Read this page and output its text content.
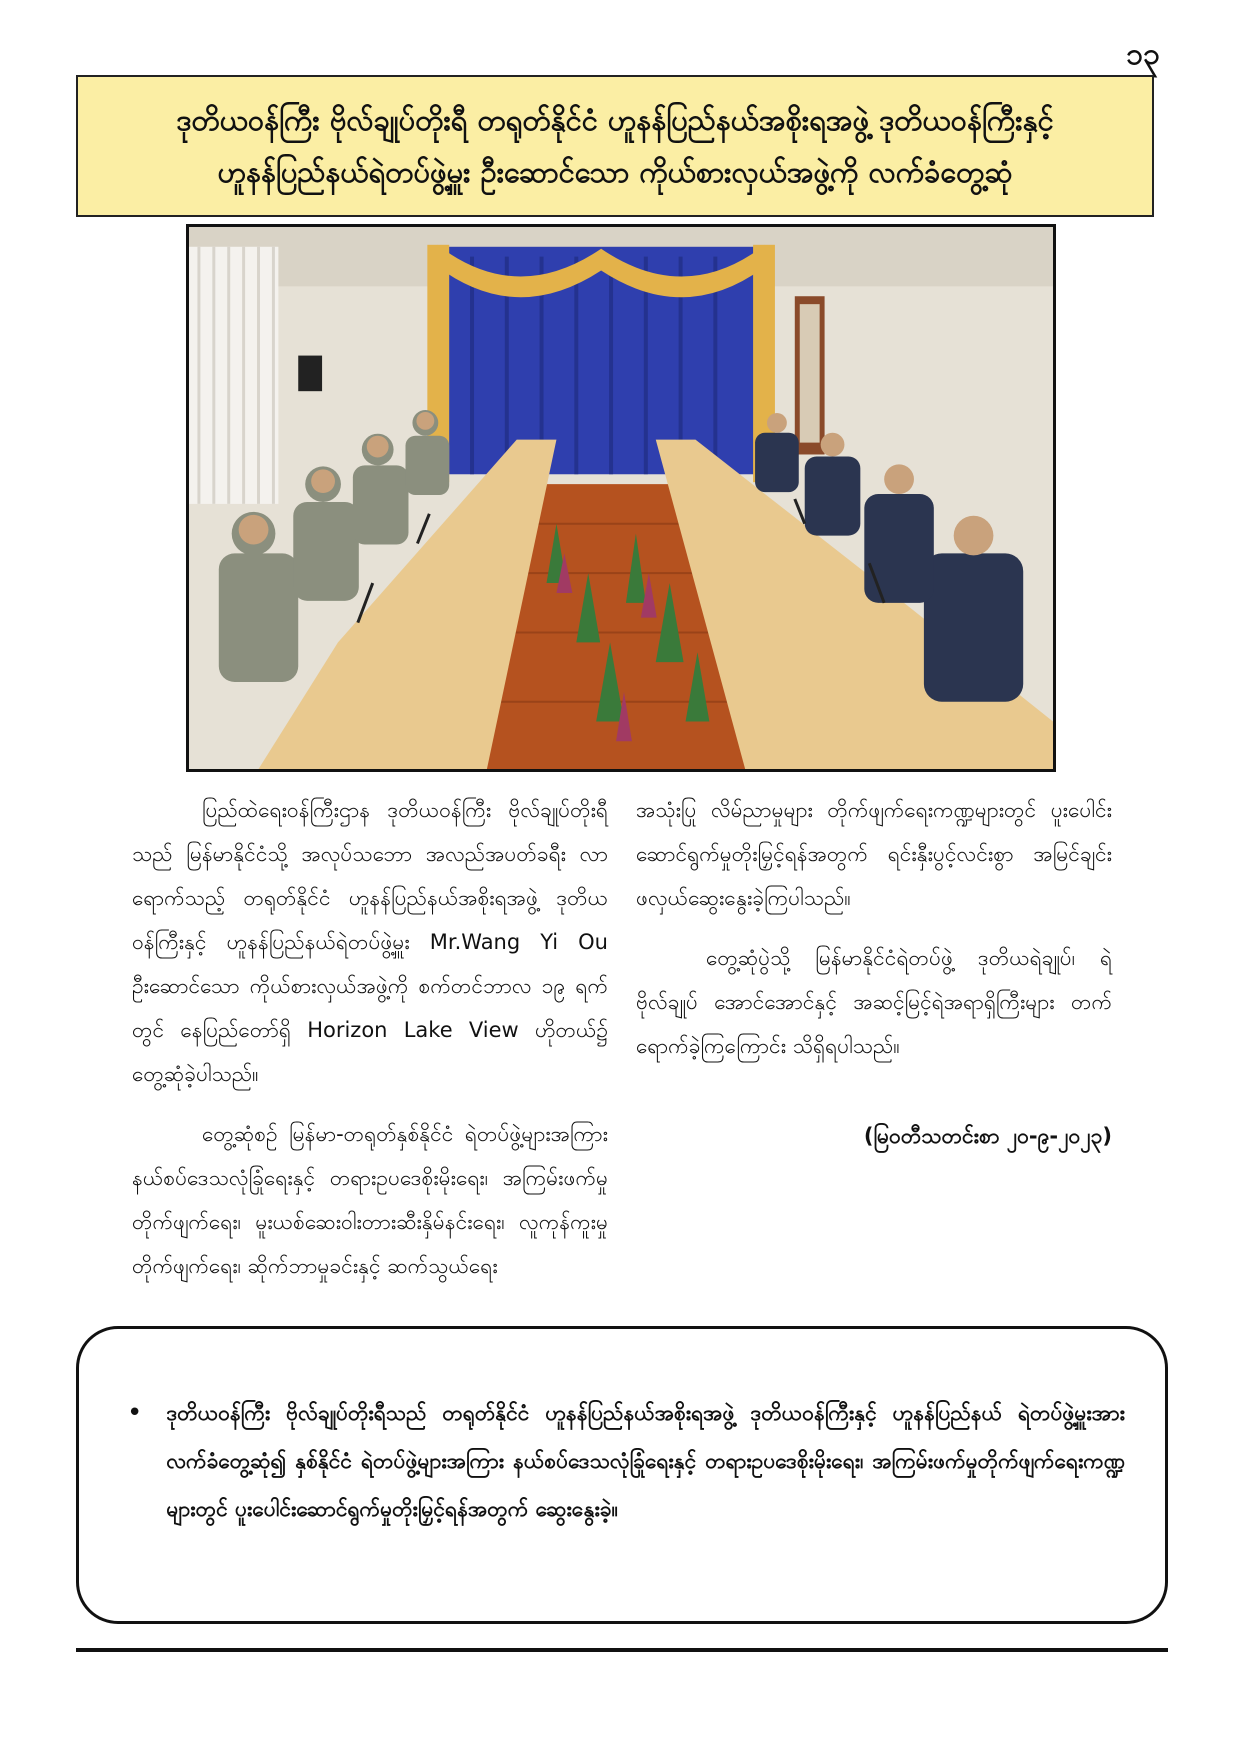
၁၃
ဒုတိယဝန်ကြီး ဗိုလ်ချုပ်တိုးရီ တရုတ်နိုင်ငံ ဟူနန်ပြည်နယ်အစိုးရအဖွဲ့ ဒုတိယဝန်ကြီးနှင့်
ဟူနန်ပြည်နယ်ရဲတပ်ဖွဲ့မှူး ဦးဆောင်သော ကိုယ်စားလှယ်အဖွဲ့ကို လက်ခံတွေ့ဆုံ

ပြည်ထဲရေးဝန်ကြီးဌာန ဒုတိယဝန်ကြီး ဗိုလ်ချုပ်တိုးရီသည် မြန်မာနိုင်ငံသို့ အလုပ်သဘော အလည်အပတ်ခရီး လာရောက်သည့် တရုတ်နိုင်ငံ ဟူနန်ပြည်နယ်အစိုးရအဖွဲ့ ဒုတိယဝန်ကြီးနှင့် ဟူနန်ပြည်နယ်ရဲတပ်ဖွဲ့မှူး Mr.Wang Yi Ou ဦးဆောင်သော ကိုယ်စားလှယ်အဖွဲ့ကို စက်တင်ဘာလ ၁၉ ရက်တွင် နေပြည်တော်ရှိ Horizon Lake View ဟိုတယ်၌ တွေ့ဆုံခဲ့ပါသည်။

တွေ့ဆုံစဉ် မြန်မာ-တရုတ်နှစ်နိုင်ငံ ရဲတပ်ဖွဲ့များအကြား နယ်စပ်ဒေသလုံခြုံရေးနှင့် တရားဥပဒေစိုးမိုးရေး၊ အကြမ်းဖက်မှုတိုက်ဖျက်ရေး၊ မူးယစ်ဆေးဝါးတားဆီးနှိမ်နင်းရေး၊ လူကုန်ကူးမှုတိုက်ဖျက်ရေး၊ ဆိုက်ဘာမှုခင်းနှင့် ဆက်သွယ်ရေး

အသုံးပြု လိမ်ညာမှုများ တိုက်ဖျက်ရေးကဏ္ဍများတွင် ပူးပေါင်းဆောင်ရွက်မှုတိုးမြှင့်ရန်အတွက် ရင်းနှီးပွင့်လင်းစွာ အမြင်ချင်းဖလှယ်ဆွေးနွေးခဲ့ကြပါသည်။

တွေ့ဆုံပွဲသို့ မြန်မာနိုင်ငံရဲတပ်ဖွဲ့ ဒုတိယရဲချုပ်၊ ရဲဗိုလ်ချုပ် အောင်အောင်နှင့် အဆင့်မြင့်ရဲအရာရှိကြီးများ တက်ရောက်ခဲ့ကြကြောင်း သိရှိရပါသည်။

(မြဝတီသတင်းစာ ၂၀-၉-၂၀၂၃)
• ဒုတိယဝန်ကြီး ဗိုလ်ချုပ်တိုးရီသည် တရုတ်နိုင်ငံ ဟူနန်ပြည်နယ်အစိုးရအဖွဲ့ ဒုတိယဝန်ကြီးနှင့် ဟူနန်ပြည်နယ် ရဲတပ်ဖွဲ့မှူးအား လက်ခံတွေ့ဆုံ၍ နှစ်နိုင်ငံ ရဲတပ်ဖွဲ့များအကြား နယ်စပ်ဒေသလုံခြုံရေးနှင့် တရားဥပဒေစိုးမိုးရေး၊ အကြမ်းဖက်မှုတိုက်ဖျက်ရေးကဏ္ဍများတွင် ပူးပေါင်းဆောင်ရွက်မှုတိုးမြှင့်ရန်အတွက် ဆွေးနွေးခဲ့။
